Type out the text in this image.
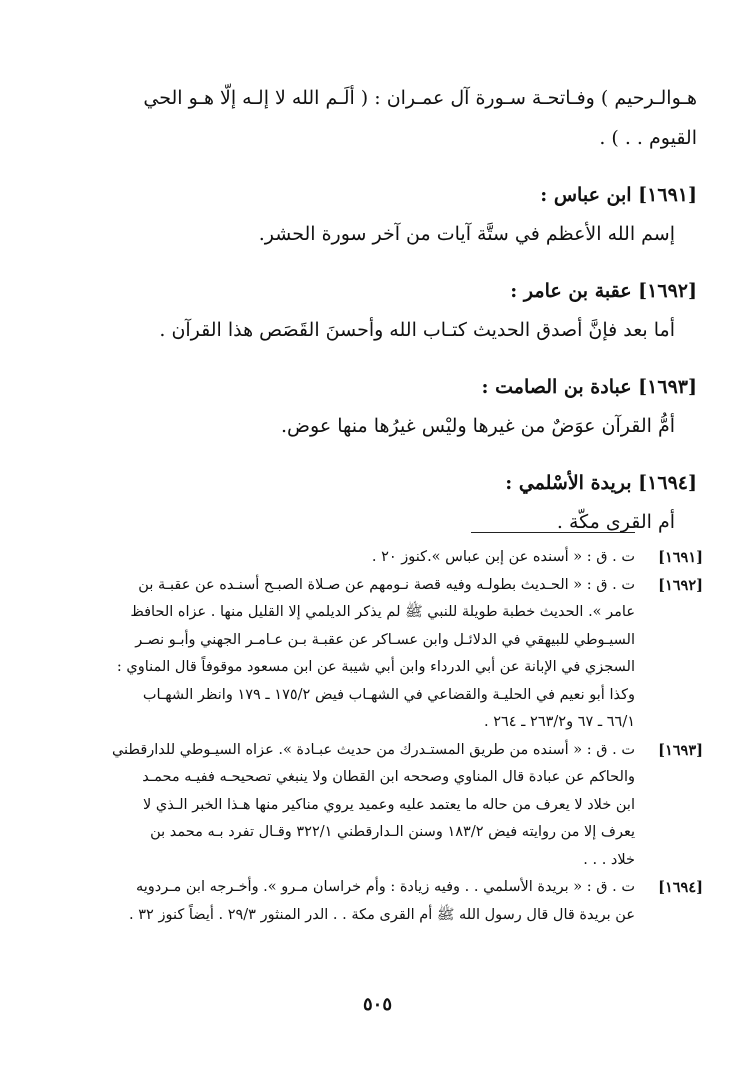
هـوالـرحيم ) وفـاتحـة سـورة آل عمـران : ( ألَـم الله لا إلـه إلّا هـو الحي
القيوم . . ) .
[١٦٩١] ابن عباس :
إسم الله الأعظم في ستَّة آيات من آخر سورة الحشر.
[١٦٩٢] عقبة بن عامر :
أما بعد فإنَّ أصدق الحديث كتـاب الله وأحسنَ القَصَص هذا القرآن .
[١٦٩٣] عبادة بن الصامت :
أمُّ القرآن عوَضٌ من غيرها وليْس غيرُها منها عوض.
[١٦٩٤] بريدة الأسْلمي :
أم القرى مكّة .
[١٦٩١]
ت . ق : « أسنده عن إبن عباس ».كنوز ٢٠ .
[١٦٩٢]
ت . ق : « الحـديث بطولـه وفيه قصة نـومهم عن صـلاة الصبـح أسنـده عن عقبـة بن
عامر ». الحديث خطبة طويلة للنبي ﷺ لم يذكر الديلمي إلا القليل منها . عزاه الحافظ
السيـوطي للبيهقي في الدلائـل وابن عسـاكر عن عقبـة بـن عـامـر الجهني وأبـو نصـر
السجزي في الإبانة عن أبي الدرداء وابن أبي شيبة عن ابن مسعود موقوفاً قال المناوي :
وكذا أبو نعيم في الحليـة والقضاعي في الشهـاب فيض ١٧٥/٢ ـ ١٧٩ وانظر الشهـاب
٦٦/١ ـ ٦٧ و٢٦٣/٢ ـ ٢٦٤ .
[١٦٩٣]
ت . ق : « أسنده من طريق المستـدرك من حديث عبـادة ». عزاه السيـوطي للدارقطني
والحاكم عن عبادة قال المناوي وصححه ابن القطان ولا ينبغي تصحيحـه ففيـه محمـد
ابن خلاد لا يعرف من حاله ما يعتمد عليه وعميد يروي مناكير منها هـذا الخبر الـذي لا
يعرف إلا من روايته فيض ١٨٣/٢ وسنن الـدارقطني ٣٢٢/١ وقـال تفرد بـه محمد بن
خلاد . . .
[١٦٩٤]
ت . ق : « بريدة الأسلمي . . وفيه زيادة : وأم خراسان مـرو ». وأخـرجه ابن مـردويه
عن بريدة قال قال رسول الله ﷺ أم القرى مكة . . الدر المنثور ٢٩/٣ . أيضاً كنوز ٣٢ .
٥٠٥
